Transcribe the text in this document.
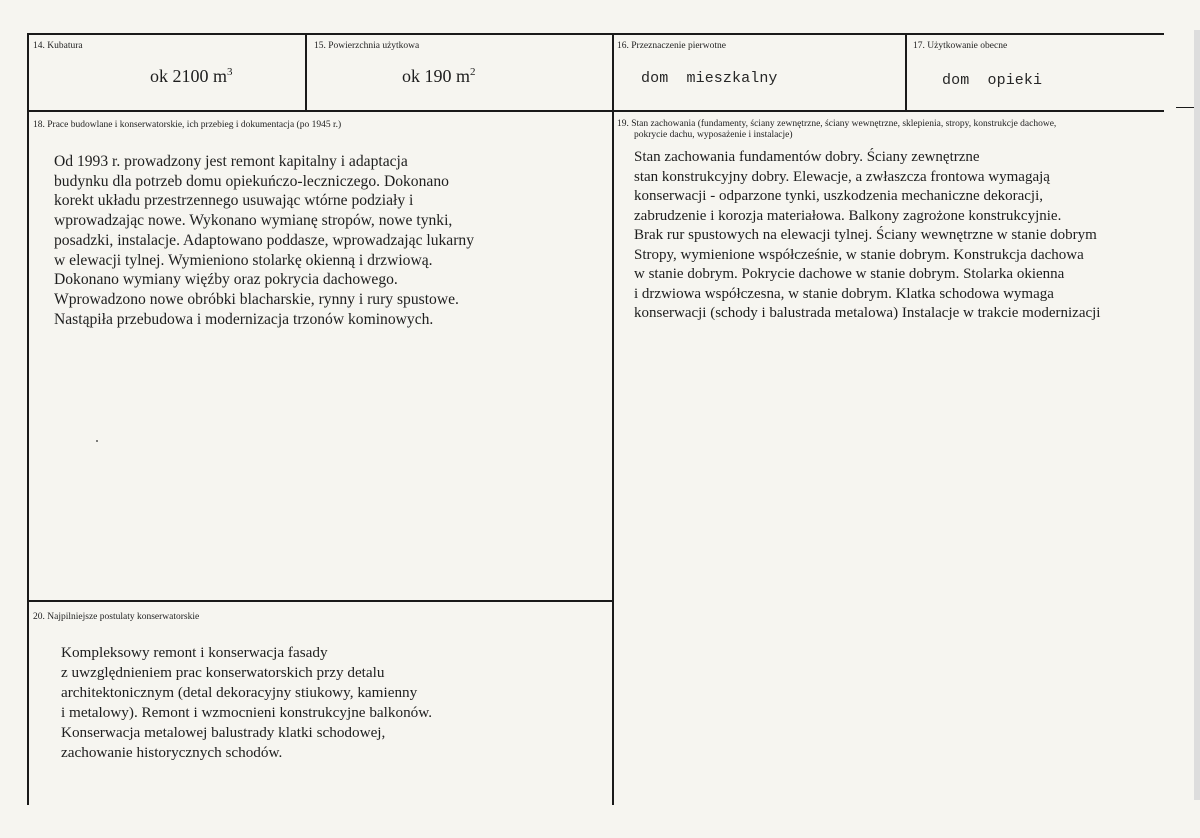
14. Kubatura
ok 2100 $m^3$
15. Powierzchnia użytkowa
ok 190 $m^2$
16. Przeznaczenie pierwotne
dom  mieszkalny
17. Użytkowanie obecne
dom  opieki
18. Prace budowlane i konserwatorskie, ich przebieg i dokumentacja (po 1945 r.)
Od 1993 r. prowadzony jest remont kapitalny i adaptacja
budynku dla potrzeb domu opiekuńczo-leczniczego. Dokonano
korekt układu przestrzennego usuwając wtórne podziały i
wprowadzając nowe. Wykonano wymianę stropów, nowe tynki,
posadzki, instalacje. Adaptowano poddasze, wprowadzając lukarny
w elewacji tylnej. Wymieniono stolarkę okienną i drzwiową.
Dokonano wymiany więźby oraz pokrycia dachowego.
Wprowadzono nowe obróbki blacharskie, rynny i rury spustowe.
Nastąpiła przebudowa i modernizacja trzonów kominowych.
19. Stan zachowania (fundamenty, ściany zewnętrzne, ściany wewnętrzne, sklepienia, stropy, konstrukcje dachowe,
pokrycie dachu, wyposażenie i instalacje)
Stan zachowania fundamentów dobry. Ściany zewnętrzne
stan konstrukcyjny dobry. Elewacje, a zwłaszcza frontowa wymagają
konserwacji - odparzone tynki, uszkodzenia mechaniczne dekoracji,
zabrudzenie i korozja materiałowa. Balkony zagrożone konstrukcyjnie.
Brak rur spustowych na elewacji tylnej. Ściany wewnętrzne w stanie dobrym
Stropy, wymienione współcześnie, w stanie dobrym. Konstrukcja dachowa
w stanie dobrym. Pokrycie dachowe w stanie dobrym. Stolarka okienna
i drzwiowa współczesna, w stanie dobrym. Klatka schodowa wymaga
konserwacji (schody i balustrada metalowa) Instalacje w trakcie modernizacji
20. Najpilniejsze postulaty konserwatorskie
Kompleksowy remont i konserwacja fasady
z uwzględnieniem prac konserwatorskich przy detalu
architektonicznym (detal dekoracyjny stiukowy, kamienny
i metalowy). Remont i wzmocnieni konstrukcyjne balkonów.
Konserwacja metalowej balustrady klatki schodowej,
zachowanie historycznych schodów.
